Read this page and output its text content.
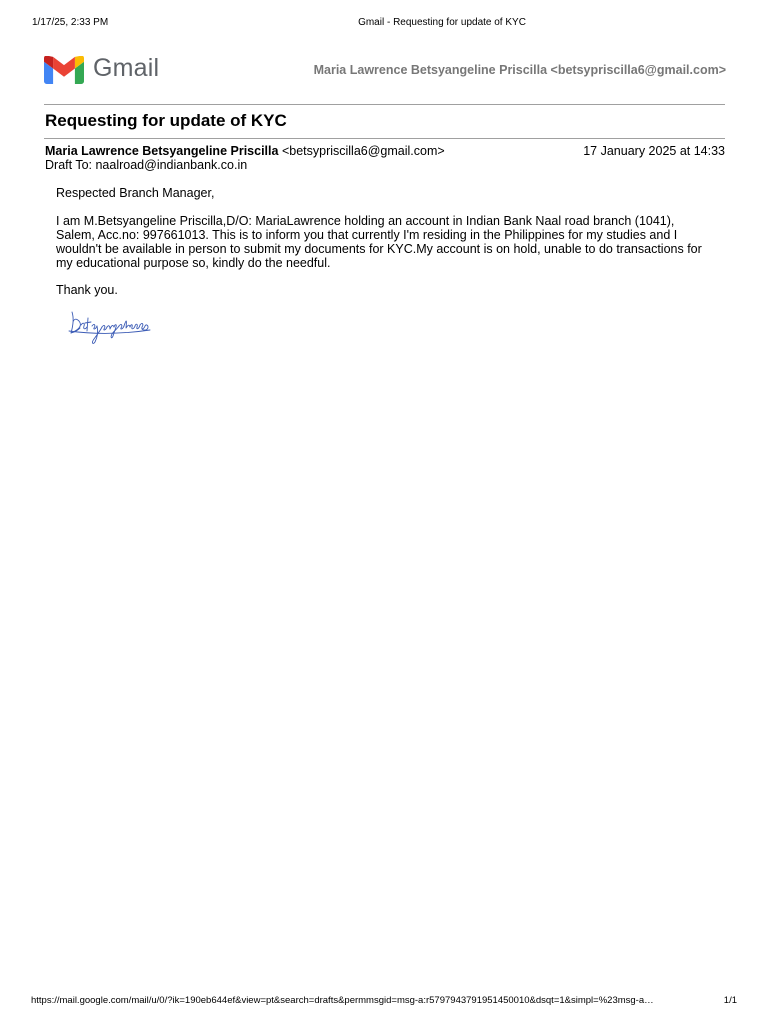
1/17/25, 2:33 PM	Gmail - Requesting for update of KYC
Gmail	Maria Lawrence Betsyangeline Priscilla <betsypriscilla6@gmail.com>
Requesting for update of KYC
Maria Lawrence Betsyangeline Priscilla <betsypriscilla6@gmail.com>	17 January 2025 at 14:33
Draft To: naalroad@indianbank.co.in
Respected Branch Manager,
I am M.Betsyangeline Priscilla,D/O: MariaLawrence holding an account in Indian Bank Naal road branch (1041),
Salem, Acc.no: 997661013. This is to inform you that currently I'm residing in the Philippines for my studies and I
wouldn't be available in person to submit my documents for KYC.My account is on hold, unable to do transactions for
my educational purpose so, kindly do the needful.
Thank you.
https://mail.google.com/mail/u/0/?ik=190eb644ef&view=pt&search=drafts&permmsgid=msg-a:r5797943791951450010&dsqt=1&simpl=%23msg-a…	1/1
